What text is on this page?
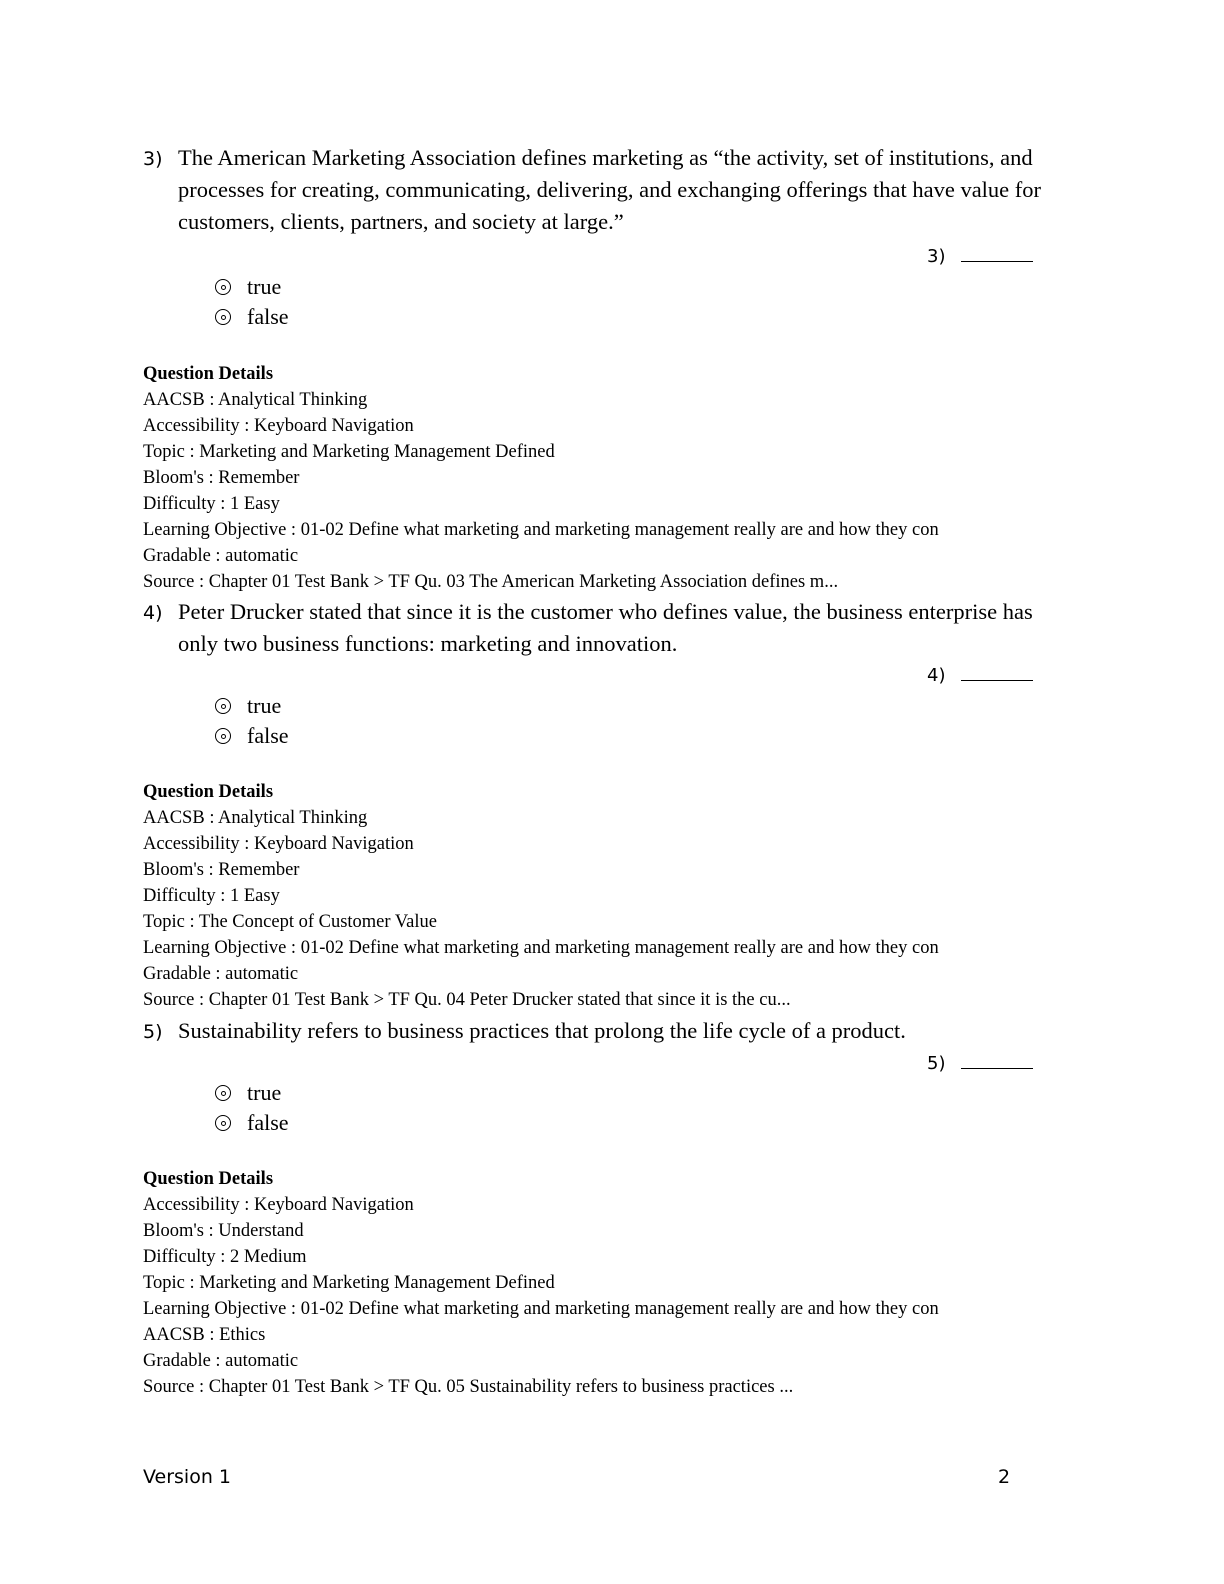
3) The American Marketing Association defines marketing as “the activity, set of institutions, and processes for creating, communicating, delivering, and exchanging offerings that have value for customers, clients, partners, and society at large.”
3)
true
false
Question Details
AACSB : Analytical Thinking
Accessibility : Keyboard Navigation
Topic : Marketing and Marketing Management Defined
Bloom's : Remember
Difficulty : 1 Easy
Learning Objective : 01-02 Define what marketing and marketing management really are and how they con
Gradable : automatic
Source : Chapter 01 Test Bank > TF Qu. 03 The American Marketing Association defines m...
4) Peter Drucker stated that since it is the customer who defines value, the business enterprise has only two business functions: marketing and innovation.
4)
true
false
Question Details
AACSB : Analytical Thinking
Accessibility : Keyboard Navigation
Bloom's : Remember
Difficulty : 1 Easy
Topic : The Concept of Customer Value
Learning Objective : 01-02 Define what marketing and marketing management really are and how they con
Gradable : automatic
Source : Chapter 01 Test Bank > TF Qu. 04 Peter Drucker stated that since it is the cu...
5) Sustainability refers to business practices that prolong the life cycle of a product.
5)
true
false
Question Details
Accessibility : Keyboard Navigation
Bloom's : Understand
Difficulty : 2 Medium
Topic : Marketing and Marketing Management Defined
Learning Objective : 01-02 Define what marketing and marketing management really are and how they con
AACSB : Ethics
Gradable : automatic
Source : Chapter 01 Test Bank > TF Qu. 05 Sustainability refers to business practices ...
Version 1	2
